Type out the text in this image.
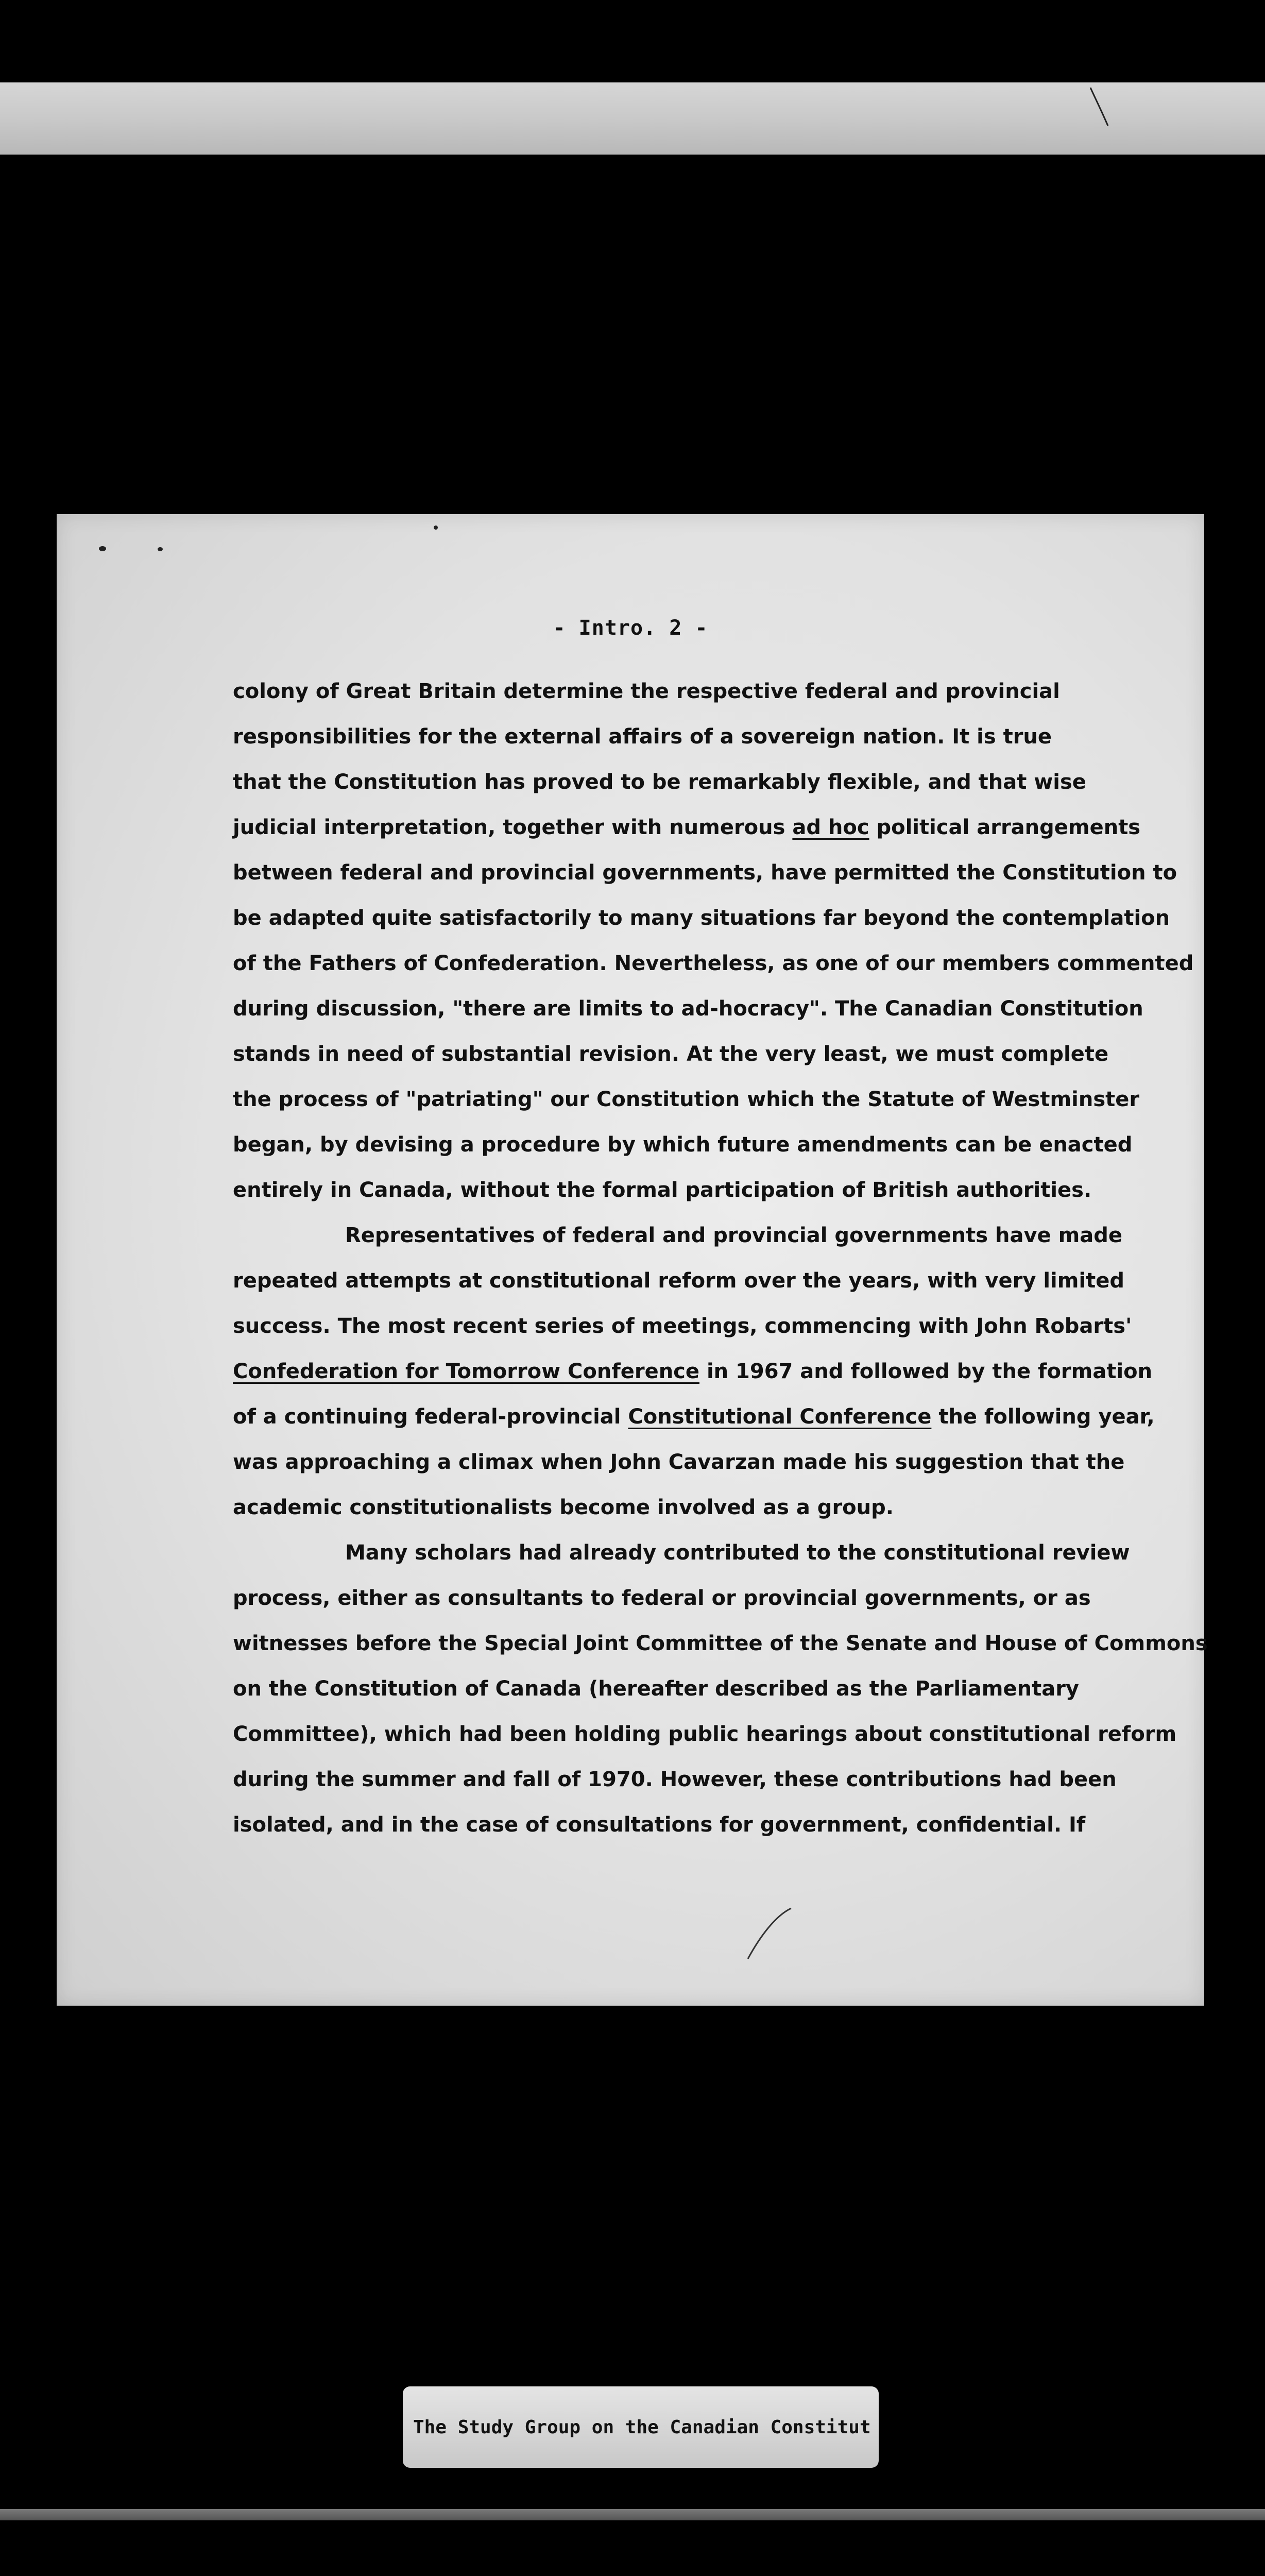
- Intro. 2 -
colony of Great Britain determine the respective federal and provincial
responsibilities for the external affairs of a sovereign nation. It is true
that the Constitution has proved to be remarkably flexible, and that wise
judicial interpretation, together with numerous ad hoc political arrangements
between federal and provincial governments, have permitted the Constitution to
be adapted quite satisfactorily to many situations far beyond the contemplation
of the Fathers of Confederation. Nevertheless, as one of our members commented
during discussion, "there are limits to ad-hocracy". The Canadian Constitution
stands in need of substantial revision. At the very least, we must complete
the process of "patriating" our Constitution which the Statute of Westminster
began, by devising a procedure by which future amendments can be enacted
entirely in Canada, without the formal participation of British authorities.
Representatives of federal and provincial governments have made
repeated attempts at constitutional reform over the years, with very limited
success. The most recent series of meetings, commencing with John Robarts'
Confederation for Tomorrow Conference in 1967 and followed by the formation
of a continuing federal-provincial Constitutional Conference the following year,
was approaching a climax when John Cavarzan made his suggestion that the
academic constitutionalists become involved as a group.
Many scholars had already contributed to the constitutional review
process, either as consultants to federal or provincial governments, or as
witnesses before the Special Joint Committee of the Senate and House of Commons
on the Constitution of Canada (hereafter described as the Parliamentary
Committee), which had been holding public hearings about constitutional reform
during the summer and fall of 1970. However, these contributions had been
isolated, and in the case of consultations for government, confidential. If
The Study Group on the Canadian Constitut
